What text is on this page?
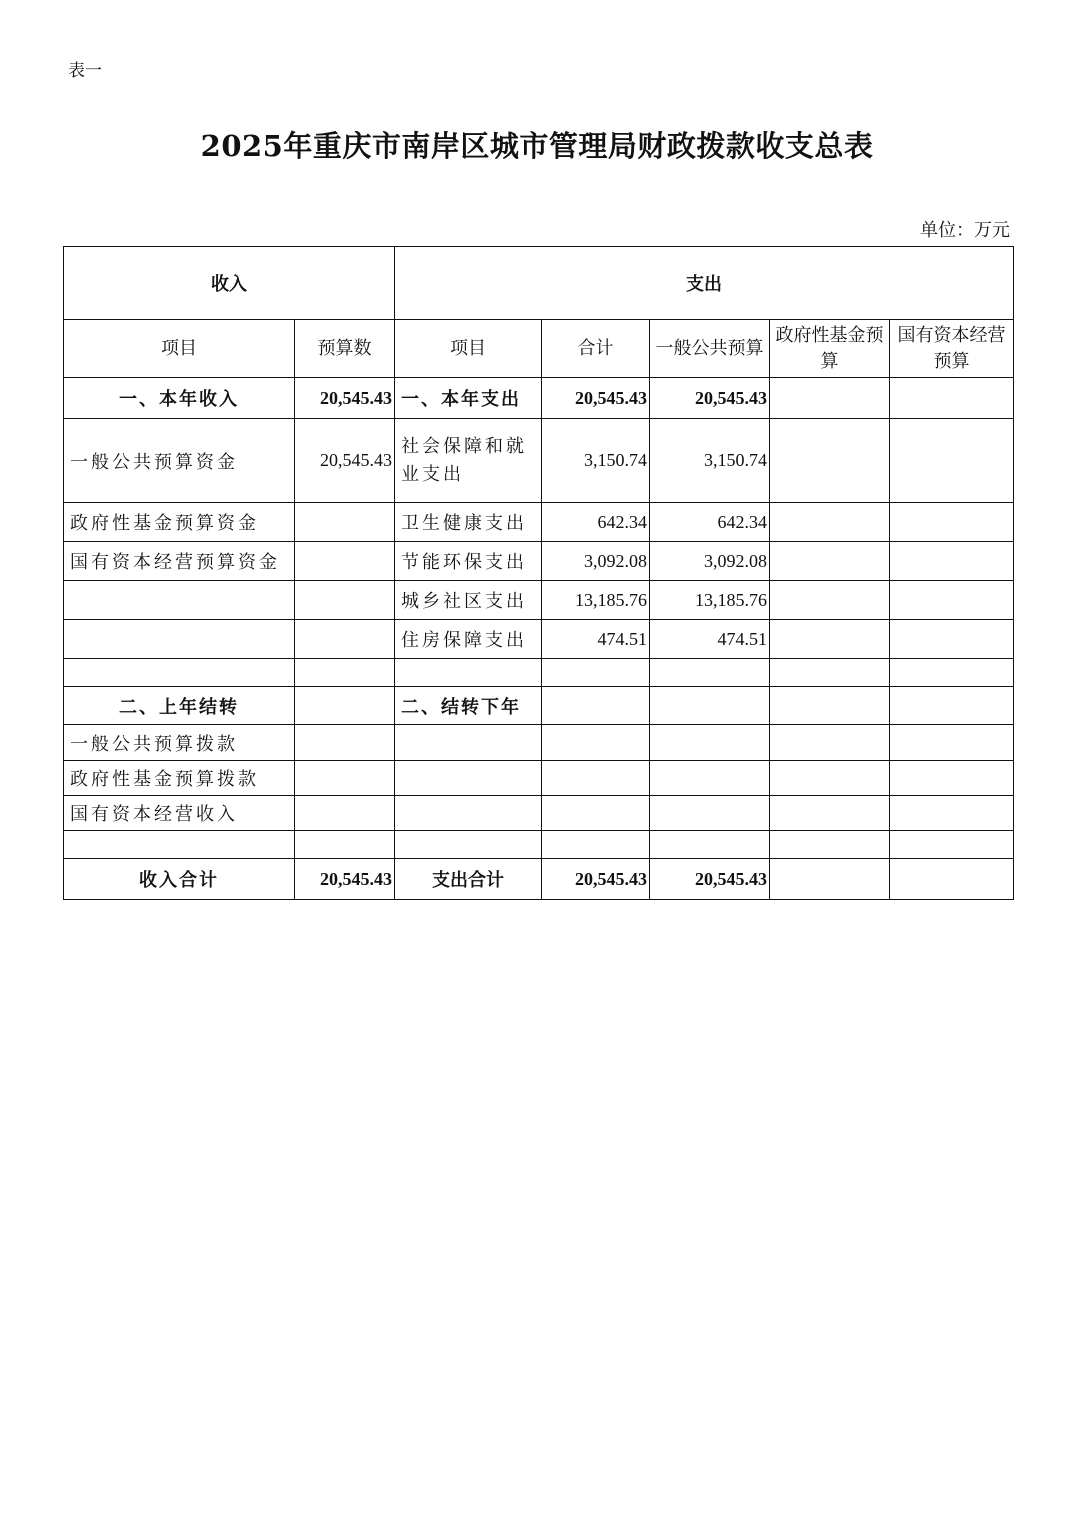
表一
2025年重庆市南岸区城市管理局财政拨款收支总表
单位：万元
收入		支出				
项目	预算数	项目	合计	一般公共预算	政府性基金预算	国有资本经营预算
一、本年收入	20,545.43	一、本年支出	20,545.43	20,545.43		
一般公共预算资金	20,545.43	社会保障和就业支出	3,150.74	3,150.74		
政府性基金预算资金		卫生健康支出	642.34	642.34		
国有资本经营预算资金		节能环保支出	3,092.08	3,092.08		
		城乡社区支出	13,185.76	13,185.76		
		住房保障支出	474.51	474.51		

二、上年结转		二、结转下年				
一般公共预算拨款						
政府性基金预算拨款						
国有资本经营收入						

收入合计	20,545.43	支出合计	20,545.43	20,545.43		
